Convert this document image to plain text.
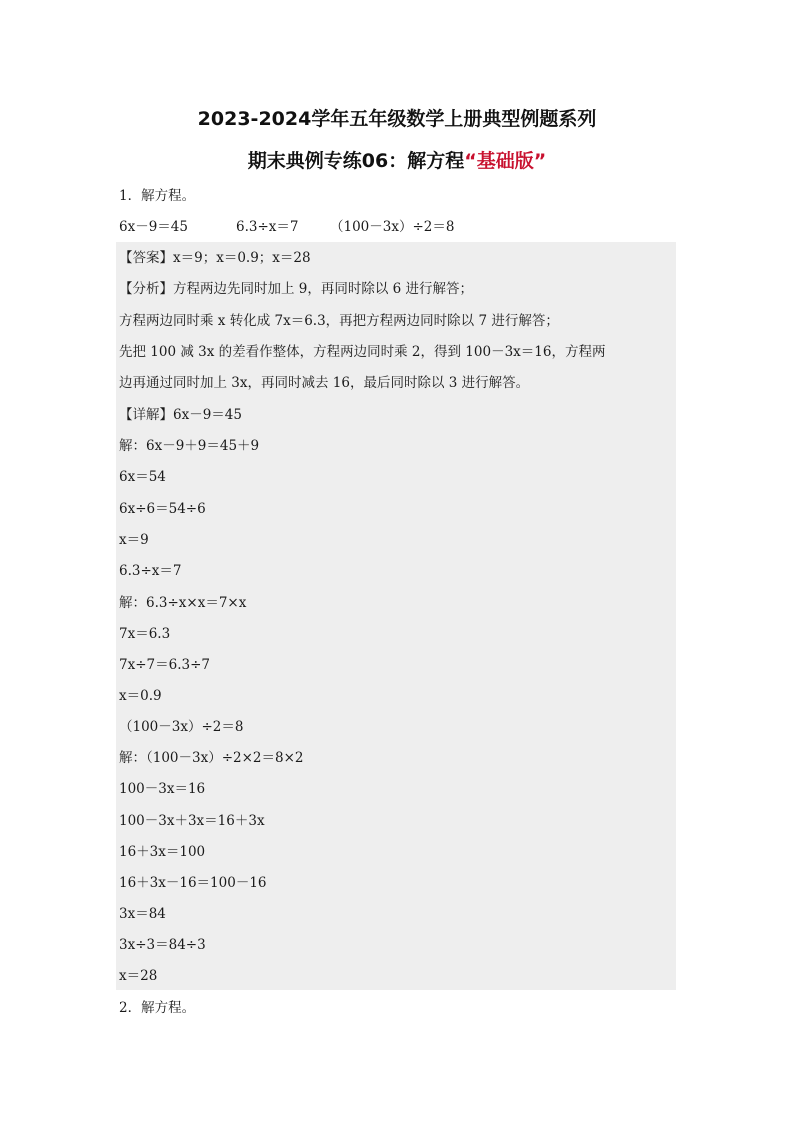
2023-2024学年五年级数学上册典型例题系列
期末典例专练06：解方程“基础版”
1．解方程。
6x－9＝45	6.3÷x＝7 （100－3x）÷2＝8
【答案】x＝9；x＝0.9；x＝28
【分析】方程两边先同时加上 9，再同时除以 6 进行解答；
方程两边同时乘 x 转化成 7x＝6.3，再把方程两边同时除以 7 进行解答；
先把 100 减 3x 的差看作整体，方程两边同时乘 2，得到 100－3x＝16，方程两
边再通过同时加上 3x，再同时减去 16，最后同时除以 3 进行解答。
【详解】6x－9＝45
解：6x－9＋9＝45＋9
6x＝54
6x÷6＝54÷6
x＝9
6.3÷x＝7
解：6.3÷x×x＝7×x
7x＝6.3
7x÷7＝6.3÷7
x＝0.9
（100－3x）÷2＝8
解：（100－3x）÷2×2＝8×2
100－3x＝16
100－3x＋3x＝16＋3x
16＋3x＝100
16＋3x－16＝100－16
3x＝84
3x÷3＝84÷3
x＝28
2．解方程。
